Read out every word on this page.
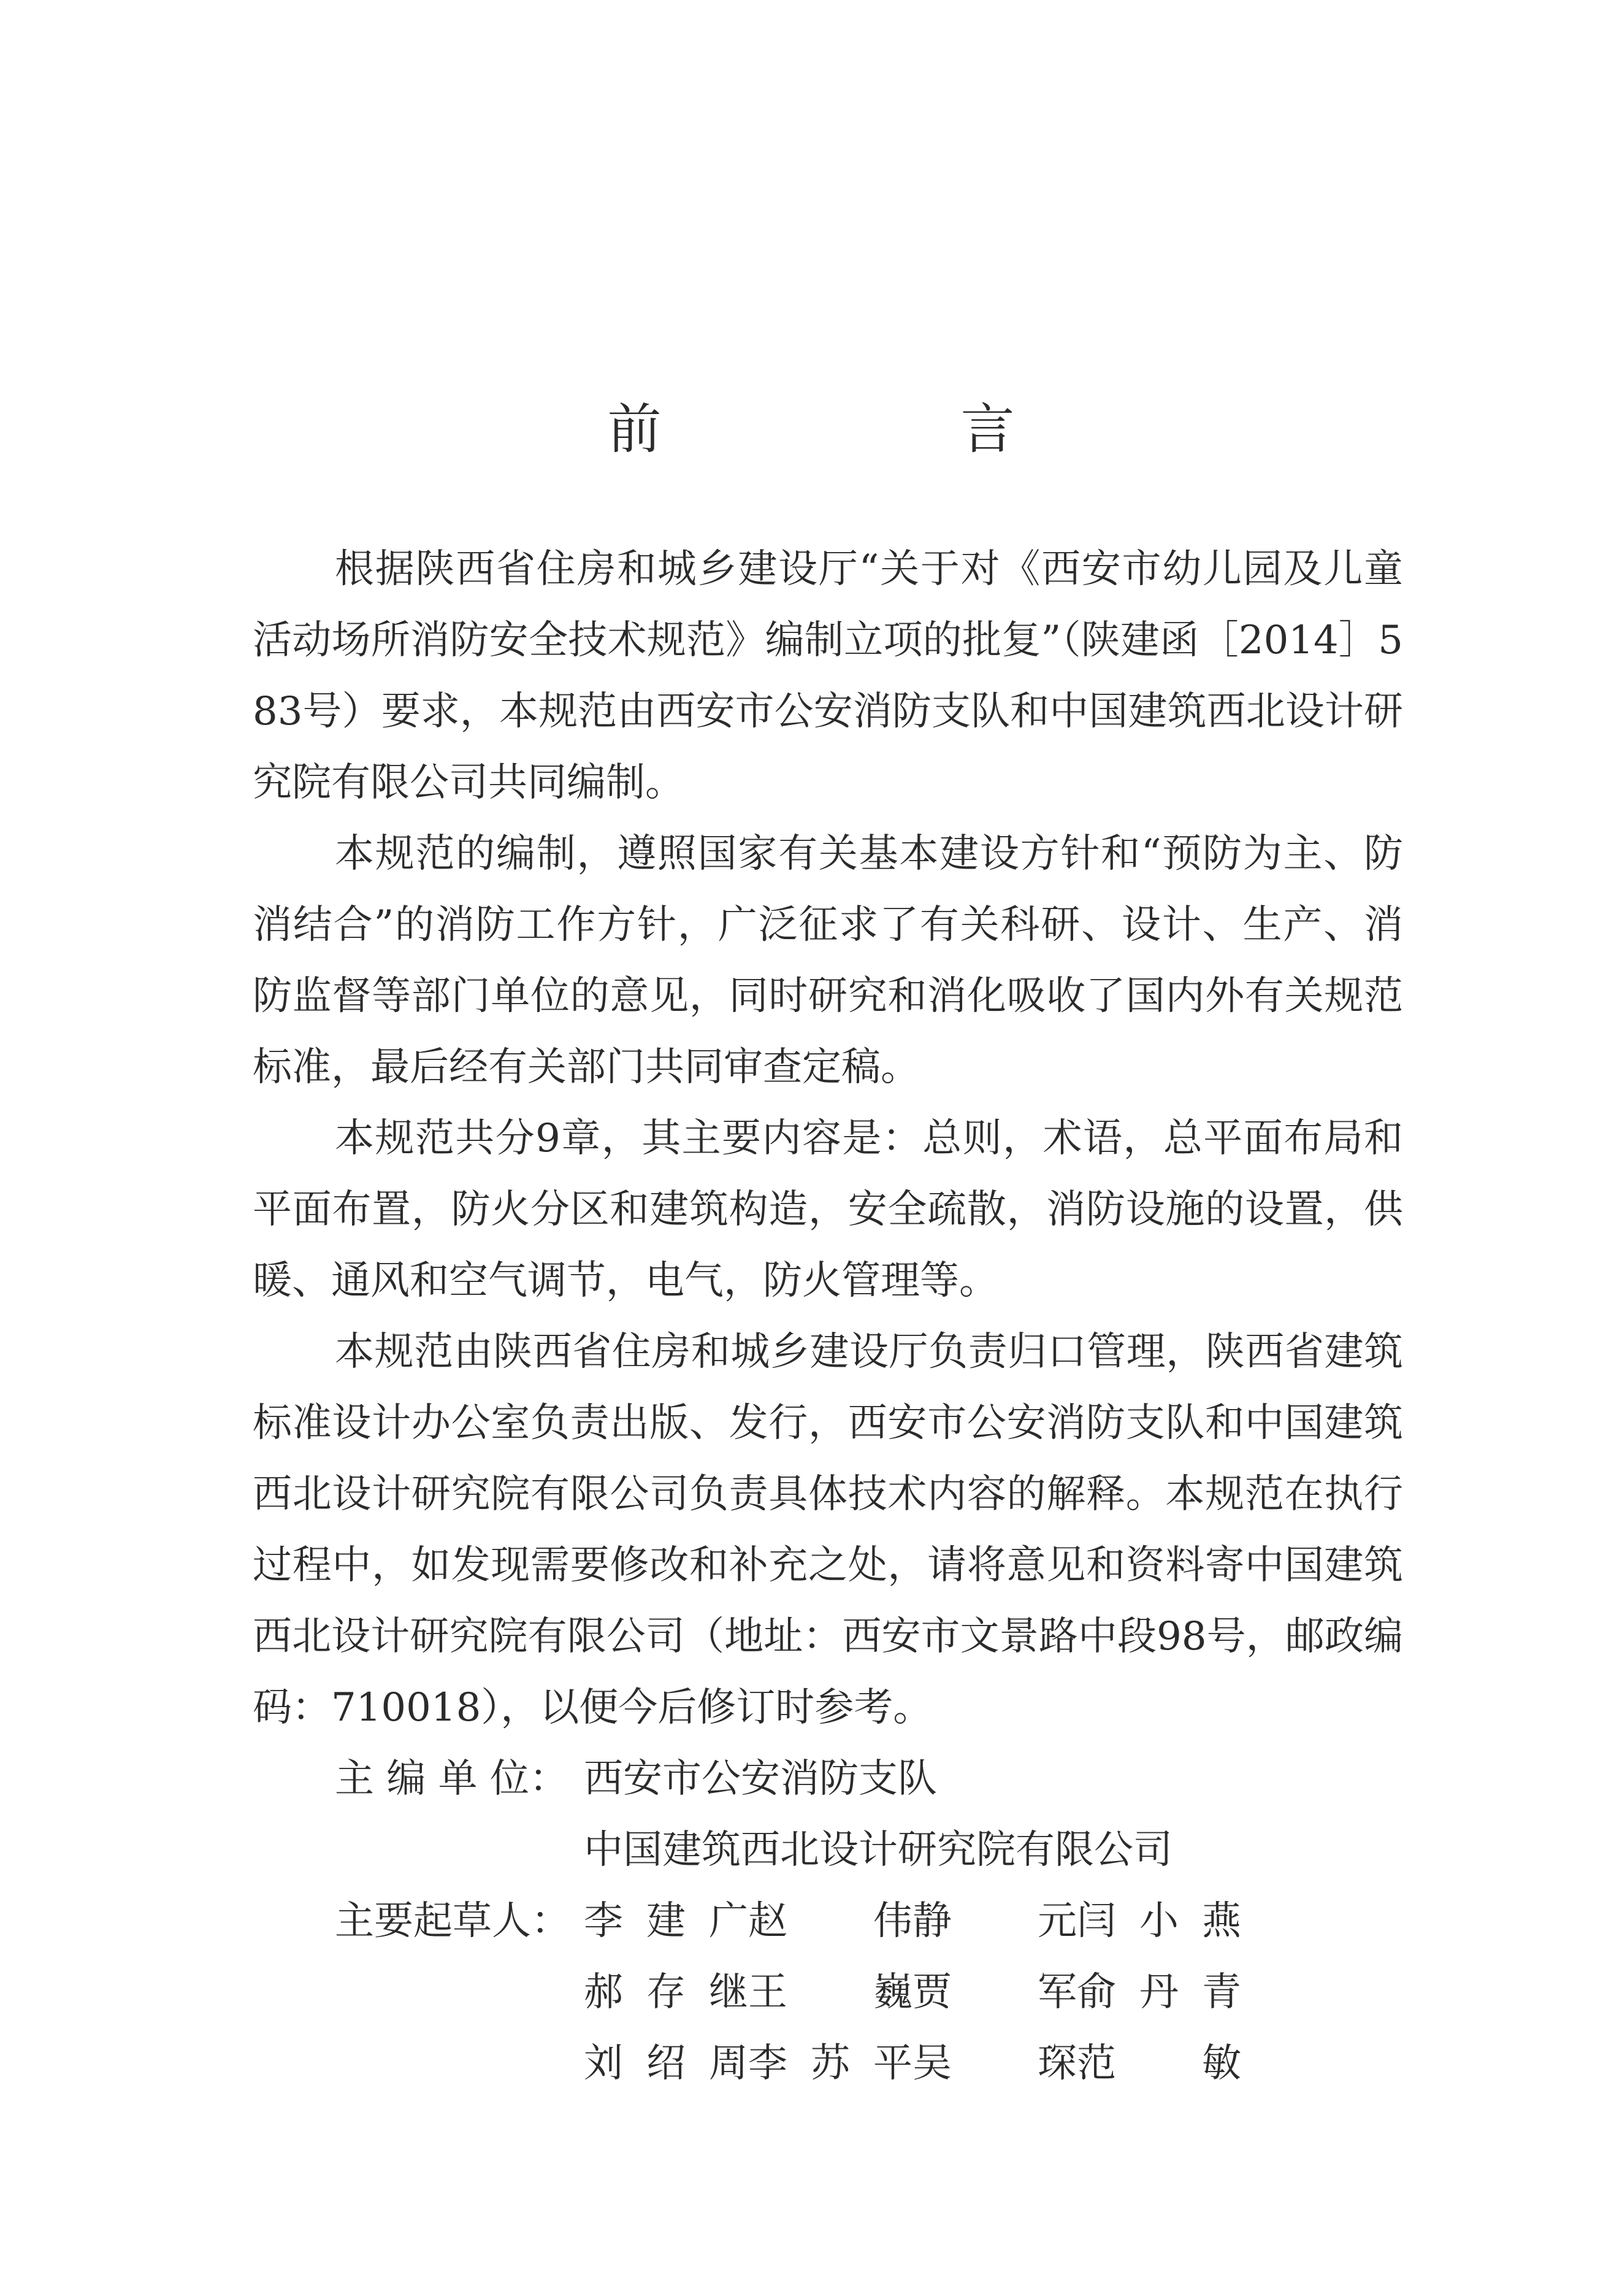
前　言

根据陕西省住房和城乡建设厅“关于对《西安市幼儿园及儿童活动场所消防安全技术规范》编制立项的批复”（陕建函［2014］583号）要求，本规范由西安市公安消防支队和中国建筑西北设计研究院有限公司共同编制。

本规范的编制，遵照国家有关基本建设方针和“预防为主、防消结合”的消防工作方针，广泛征求了有关科研、设计、生产、消防监督等部门单位的意见，同时研究和消化吸收了国内外有关规范标准，最后经有关部门共同审查定稿。

本规范共分9章，其主要内容是：总则，术语，总平面布局和平面布置，防火分区和建筑构造，安全疏散，消防设施的设置，供暖、通风和空气调节，电气，防火管理等。

本规范由陕西省住房和城乡建设厅负责归口管理，陕西省建筑标准设计办公室负责出版、发行，西安市公安消防支队和中国建筑西北设计研究院有限公司负责具体技术内容的解释。本规范在执行过程中，如发现需要修改和补充之处，请将意见和资料寄中国建筑西北设计研究院有限公司（地址：西安市文景路中段98号，邮政编码：710018），以便今后修订时参考。

主 编 单 位： 西安市公安消防支队
中国建筑西北设计研究院有限公司
主要起草人： 李建广 赵 伟 静 元 闫小燕
郝存继 王 巍 贾 军 俞丹青
刘绍周 李苏平 吴 琛 范 敏
